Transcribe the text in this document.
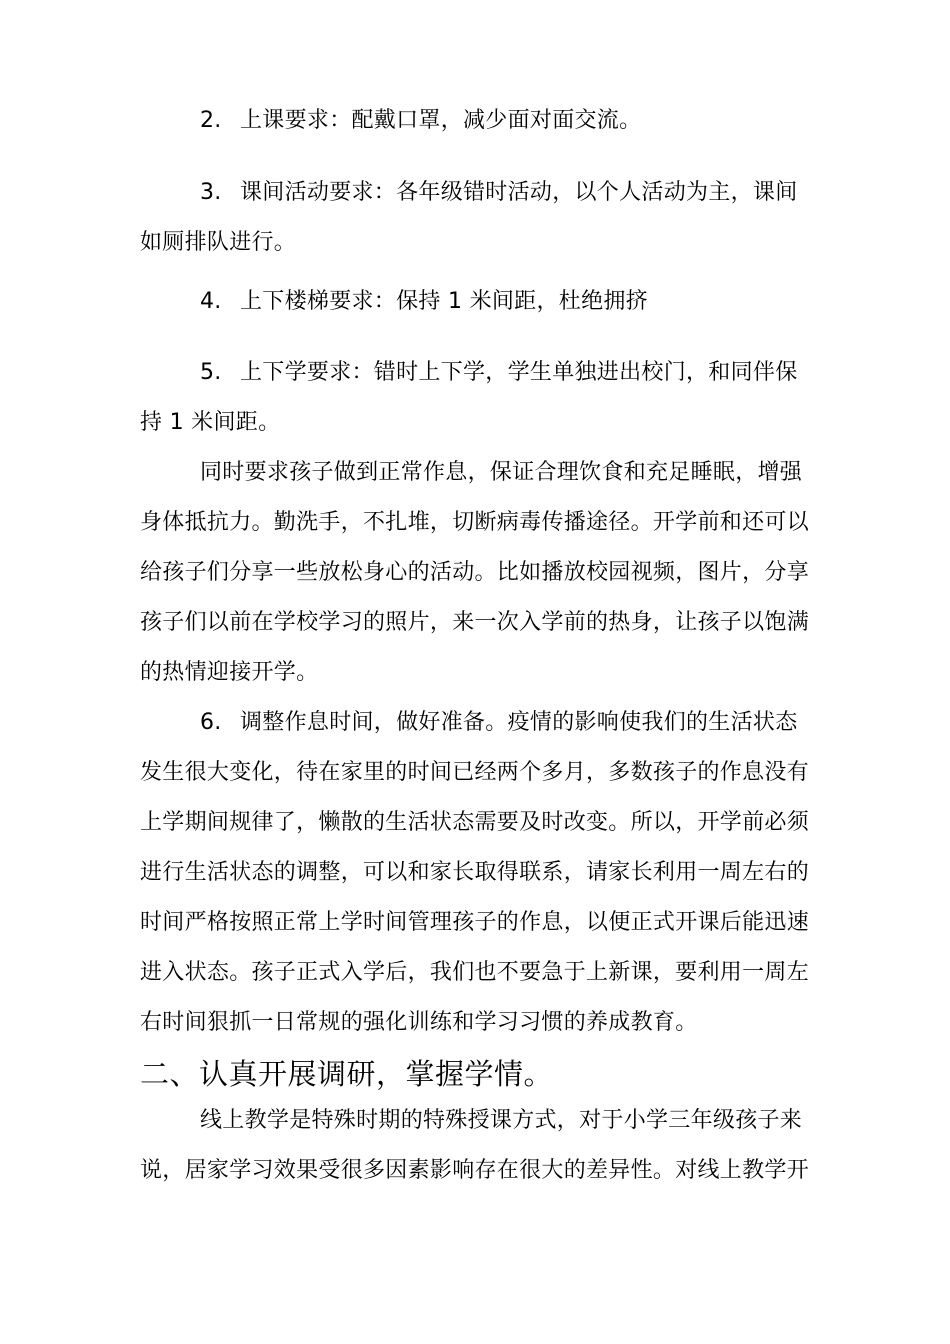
2. 上课要求：配戴口罩，减少面对面交流。
3. 课间活动要求：各年级错时活动，以个人活动为主，课间
如厕排队进行。
4. 上下楼梯要求：保持 1 米间距，杜绝拥挤
5. 上下学要求：错时上下学，学生单独进出校门，和同伴保
持 1 米间距。
同时要求孩子做到正常作息，保证合理饮食和充足睡眠，增强
身体抵抗力。勤洗手，不扎堆，切断病毒传播途径。开学前和还可以
给孩子们分享一些放松身心的活动。比如播放校园视频，图片，分享
孩子们以前在学校学习的照片，来一次入学前的热身，让孩子以饱满
的热情迎接开学。
6. 调整作息时间，做好准备。疫情的影响使我们的生活状态
发生很大变化，待在家里的时间已经两个多月，多数孩子的作息没有
上学期间规律了，懒散的生活状态需要及时改变。所以，开学前必须
进行生活状态的调整，可以和家长取得联系，请家长利用一周左右的
时间严格按照正常上学时间管理孩子的作息，以便正式开课后能迅速
进入状态。孩子正式入学后，我们也不要急于上新课，要利用一周左
右时间狠抓一日常规的强化训练和学习习惯的养成教育。
二、认真开展调研，掌握学情。
线上教学是特殊时期的特殊授课方式，对于小学三年级孩子来
说，居家学习效果受很多因素影响存在很大的差异性。对线上教学开
